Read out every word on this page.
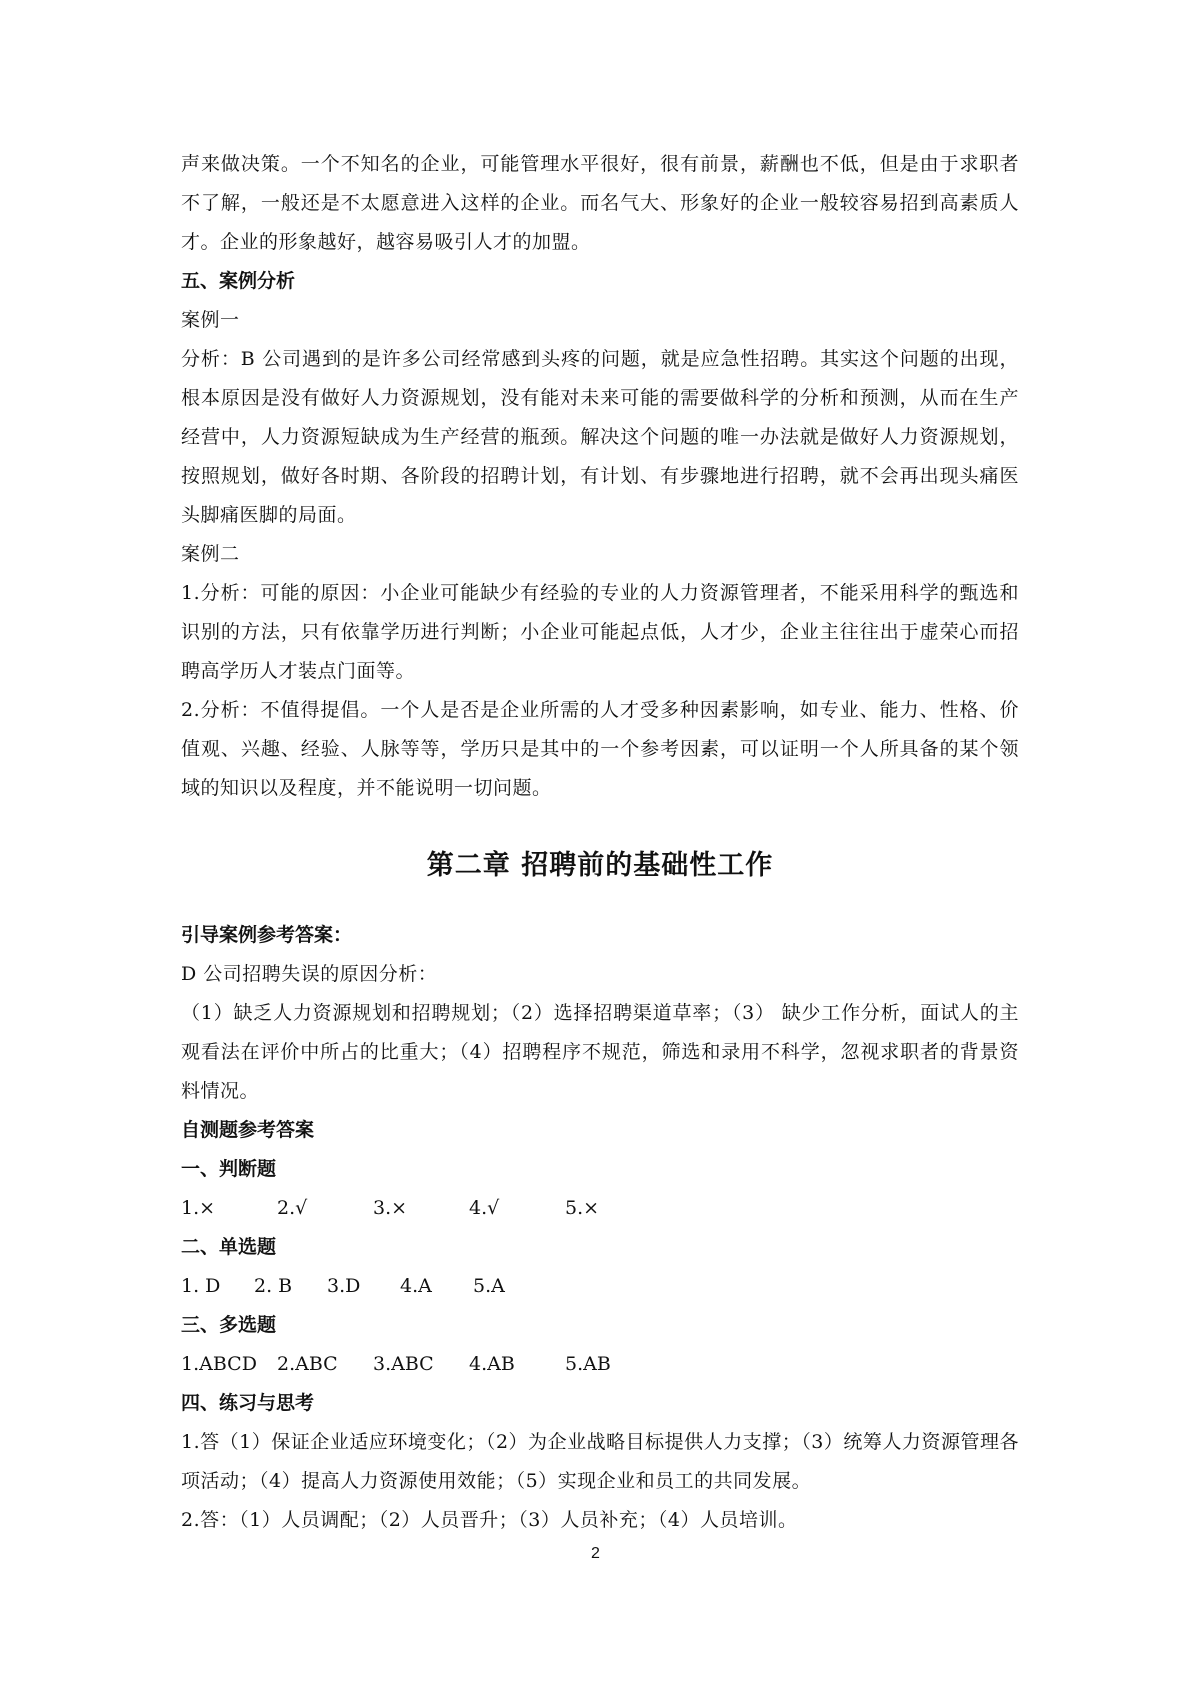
声来做决策。一个不知名的企业，可能管理水平很好，很有前景，薪酬也不低，但是由于求职者不了解，一般还是不太愿意进入这样的企业。而名气大、形象好的企业一般较容易招到高素质人才。企业的形象越好，越容易吸引人才的加盟。

五、案例分析

案例一

分析：B 公司遇到的是许多公司经常感到头疼的问题，就是应急性招聘。其实这个问题的出现，根本原因是没有做好人力资源规划，没有能对未来可能的需要做科学的分析和预测，从而在生产经营中，人力资源短缺成为生产经营的瓶颈。解决这个问题的唯一办法就是做好人力资源规划，按照规划，做好各时期、各阶段的招聘计划，有计划、有步骤地进行招聘，就不会再出现头痛医头脚痛医脚的局面。

案例二

1.分析：可能的原因：小企业可能缺少有经验的专业的人力资源管理者，不能采用科学的甄选和识别的方法，只有依靠学历进行判断；小企业可能起点低，人才少，企业主往往出于虚荣心而招聘高学历人才装点门面等。

2.分析：不值得提倡。一个人是否是企业所需的人才受多种因素影响，如专业、能力、性格、价值观、兴趣、经验、人脉等等，学历只是其中的一个参考因素，可以证明一个人所具备的某个领域的知识以及程度，并不能说明一切问题。

第二章 招聘前的基础性工作

引导案例参考答案：

D 公司招聘失误的原因分析：

（1）缺乏人力资源规划和招聘规划；（2）选择招聘渠道草率；（3） 缺少工作分析，面试人的主观看法在评价中所占的比重大；（4）招聘程序不规范，筛选和录用不科学，忽视求职者的背景资料情况。

自测题参考答案

一、判断题

1.×	2.√	3.×	4.√	5.×

二、单选题

1. D 2. B 3.D 4.A 5.A

三、多选题

1.ABCD 2.ABC 3.ABC 4.AB	5.AB

四、练习与思考

1.答（1）保证企业适应环境变化；（2）为企业战略目标提供人力支撑；（3）统筹人力资源管理各项活动；（4）提高人力资源使用效能；（5）实现企业和员工的共同发展。

2.答：（1）人员调配；（2）人员晋升；（3）人员补充；（4）人员培训。

2
